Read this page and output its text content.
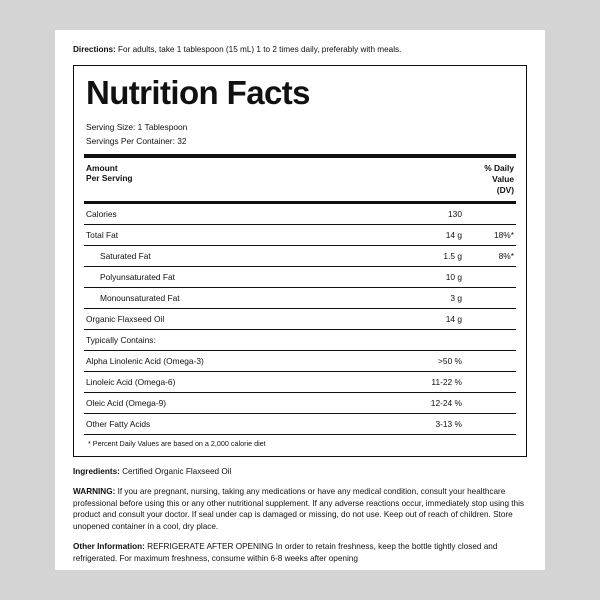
Directions: For adults, take 1 tablespoon (15 mL) 1 to 2 times daily, preferably with meals.
Nutrition Facts
Serving Size: 1 Tablespoon
Servings Per Container: 32
Amount
Per Serving		% Daily
Value
(DV)
Calories	130	
Total Fat	14 g	18%*
Saturated Fat	1.5 g	8%*
Polyunsaturated Fat	10 g	
Monounsaturated Fat	3 g	
Organic Flaxseed Oil	14 g	
Typically Contains:		
Alpha Linolenic Acid (Omega-3)	>50 %	
Linoleic Acid (Omega-6)	11-22 %	
Oleic Acid (Omega-9)	12-24 %	
Other Fatty Acids	3-13 %	
* Percent Daily Values are based on a 2,000 calorie diet
Ingredients: Certified Organic Flaxseed Oil
WARNING: If you are pregnant, nursing, taking any medications or have any medical condition, consult your healthcare professional before using this or any other nutritional supplement. If any adverse reactions occur, immediately stop using this product and consult your doctor. If seal under cap is damaged or missing, do not use. Keep out of reach of children. Store unopened container in a cool, dry place.
Other Information: REFRIGERATE AFTER OPENING In order to retain freshness, keep the bottle tightly closed and refrigerated. For maximum freshness, consume within 6-8 weeks after opening
